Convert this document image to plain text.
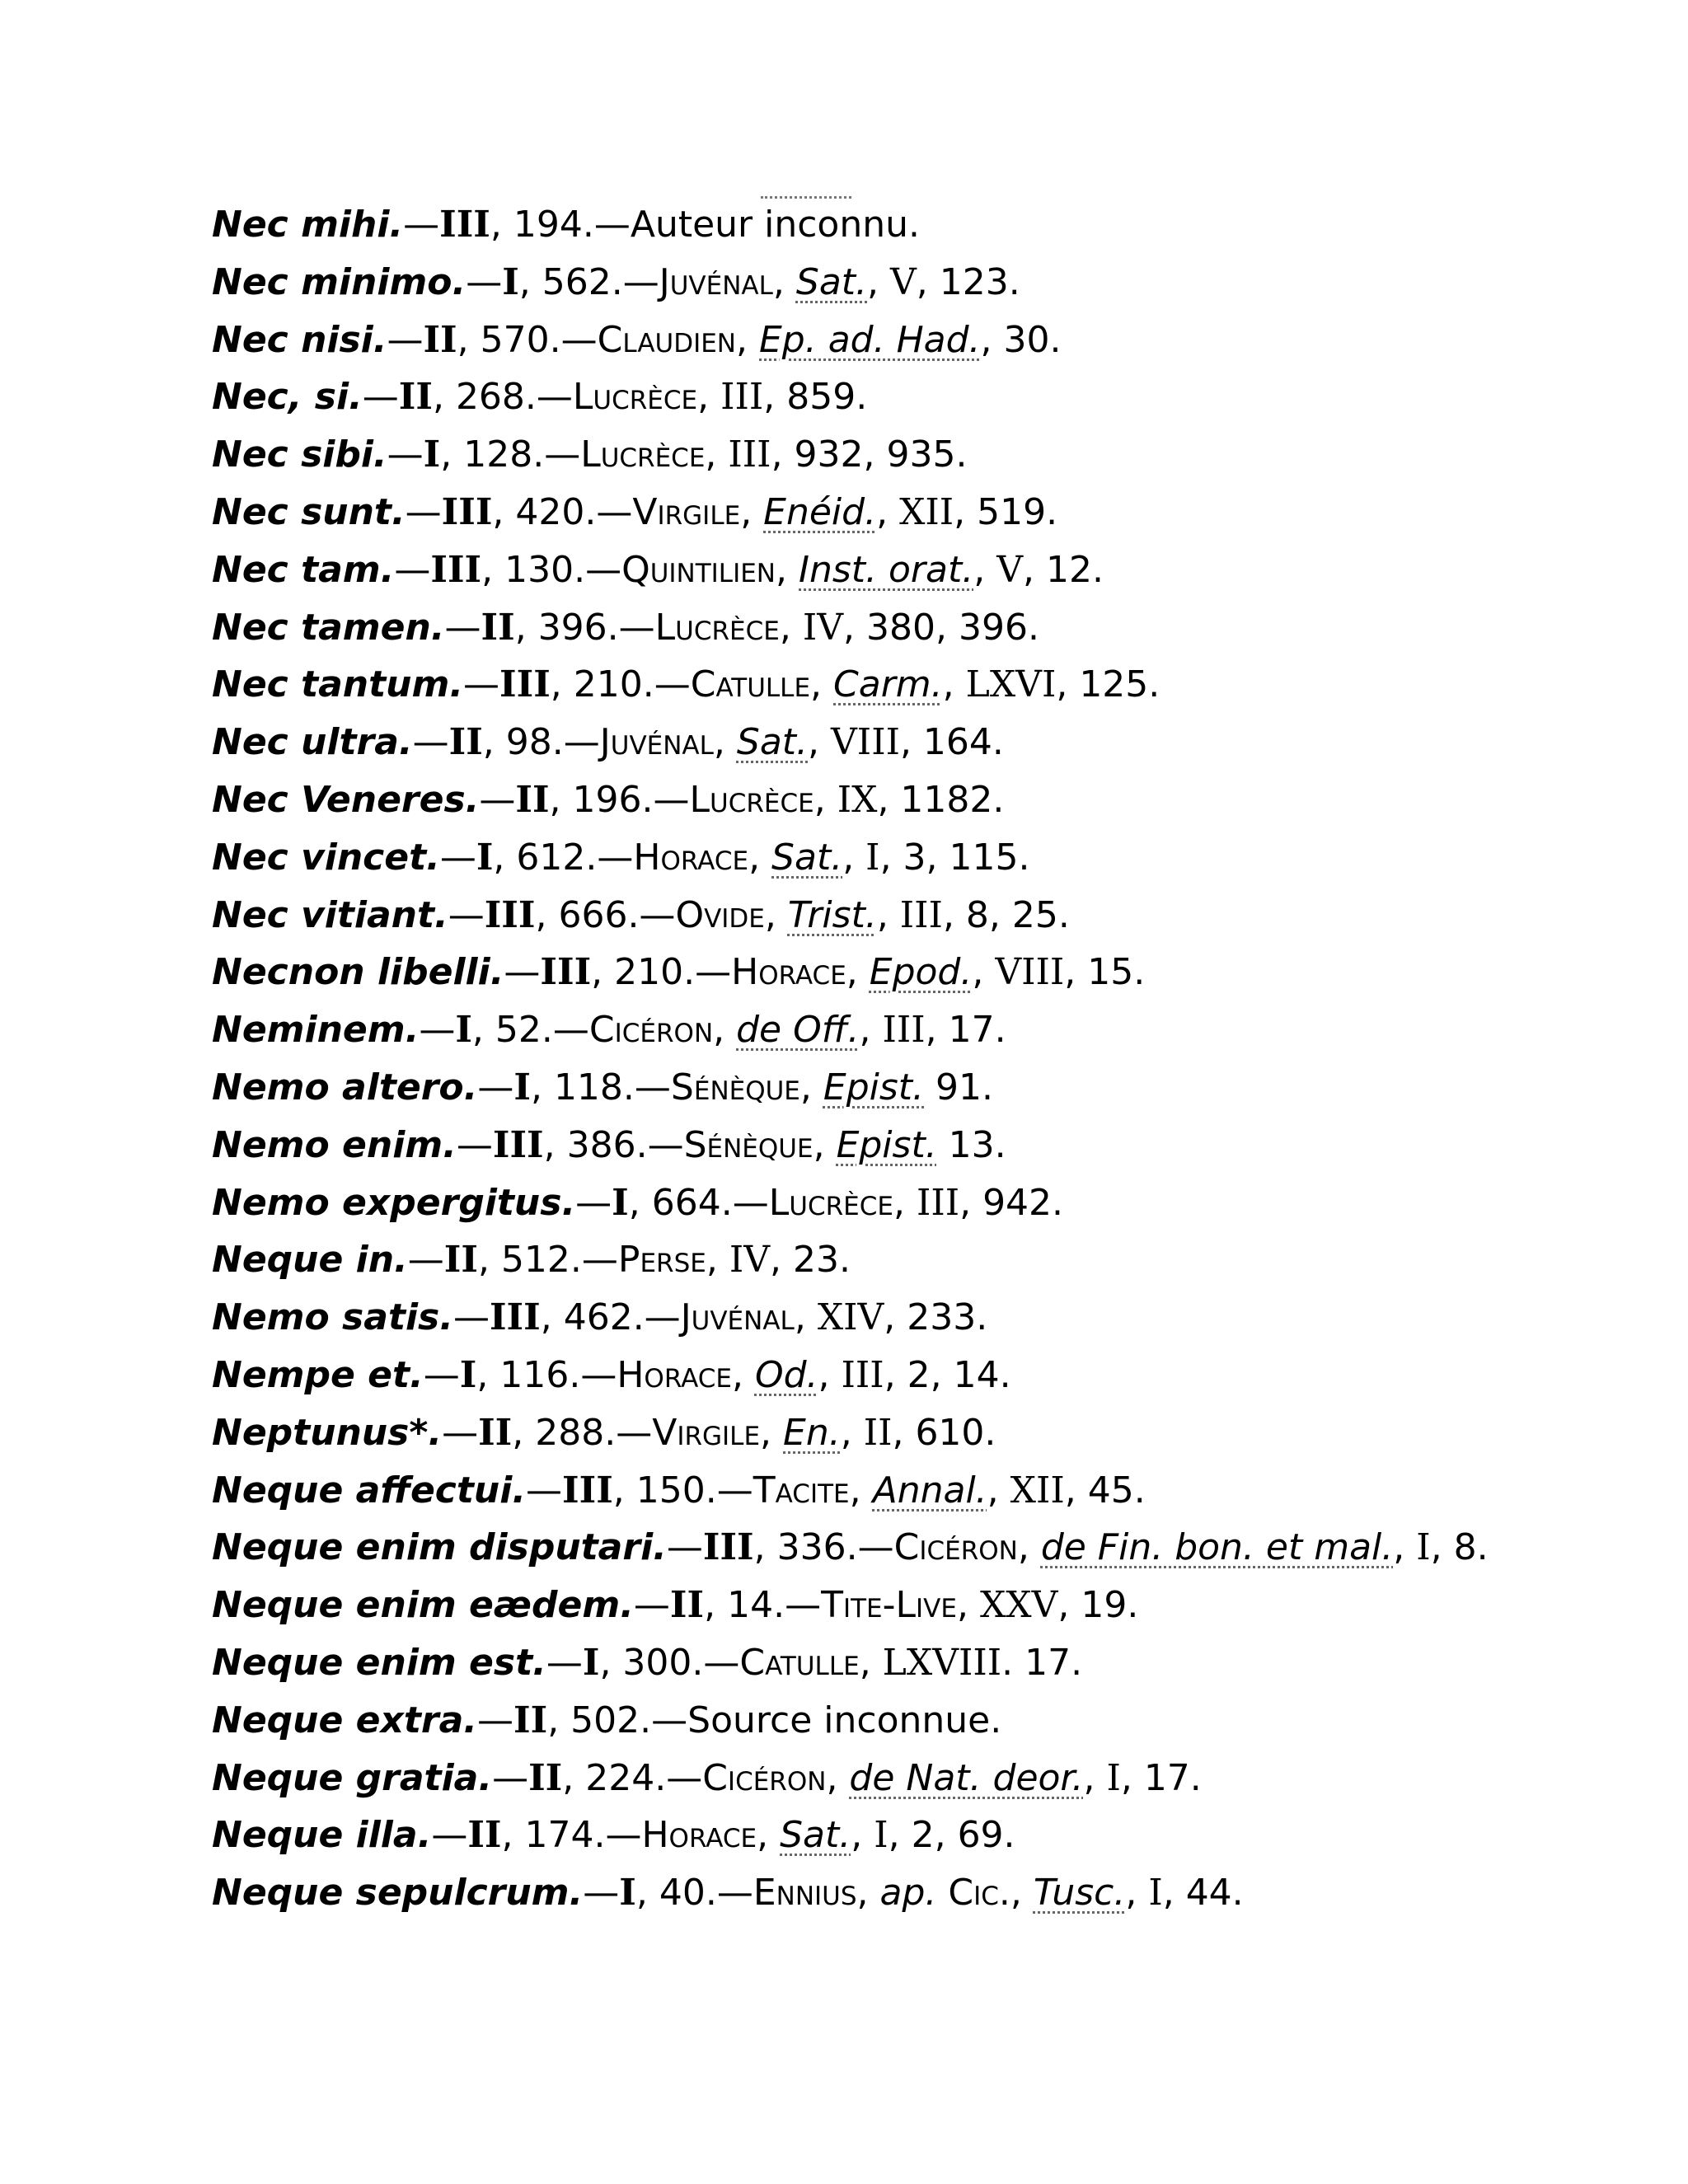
Nec mihi.—III, 194.—Auteur inconnu.
Nec minimo.—I, 562.—Juvénal, Sat., V, 123.
Nec nisi.—II, 570.—Claudien, Ep. ad. Had., 30.
Nec, si.—II, 268.—Lucrèce, III, 859.
Nec sibi.—I, 128.—Lucrèce, III, 932, 935.
Nec sunt.—III, 420.—Virgile, Enéid., XII, 519.
Nec tam.—III, 130.—Quintilien, Inst. orat., V, 12.
Nec tamen.—II, 396.—Lucrèce, IV, 380, 396.
Nec tantum.—III, 210.—Catulle, Carm., LXVI, 125.
Nec ultra.—II, 98.—Juvénal, Sat., VIII, 164.
Nec Veneres.—II, 196.—Lucrèce, IX, 1182.
Nec vincet.—I, 612.—Horace, Sat., I, 3, 115.
Nec vitiant.—III, 666.—Ovide, Trist., III, 8, 25.
Necnon libelli.—III, 210.—Horace, Epod., VIII, 15.
Neminem.—I, 52.—Cicéron, de Off., III, 17.
Nemo altero.—I, 118.—Sénèque, Epist. 91.
Nemo enim.—III, 386.—Sénèque, Epist. 13.
Nemo expergitus.—I, 664.—Lucrèce, III, 942.
Neque in.—II, 512.—Perse, IV, 23.
Nemo satis.—III, 462.—Juvénal, XIV, 233.
Nempe et.—I, 116.—Horace, Od., III, 2, 14.
Neptunus*.—II, 288.—Virgile, En., II, 610.
Neque affectui.—III, 150.—Tacite, Annal., XII, 45.
Neque enim disputari.—III, 336.—Cicéron, de Fin. bon. et mal., I, 8.
Neque enim eædem.—II, 14.—Tite-Live, XXV, 19.
Neque enim est.—I, 300.—Catulle, LXVIII. 17.
Neque extra.—II, 502.—Source inconnue.
Neque gratia.—II, 224.—Cicéron, de Nat. deor., I, 17.
Neque illa.—II, 174.—Horace, Sat., I, 2, 69.
Neque sepulcrum.—I, 40.—Ennius, ap. Cic., Tusc., I, 44.
